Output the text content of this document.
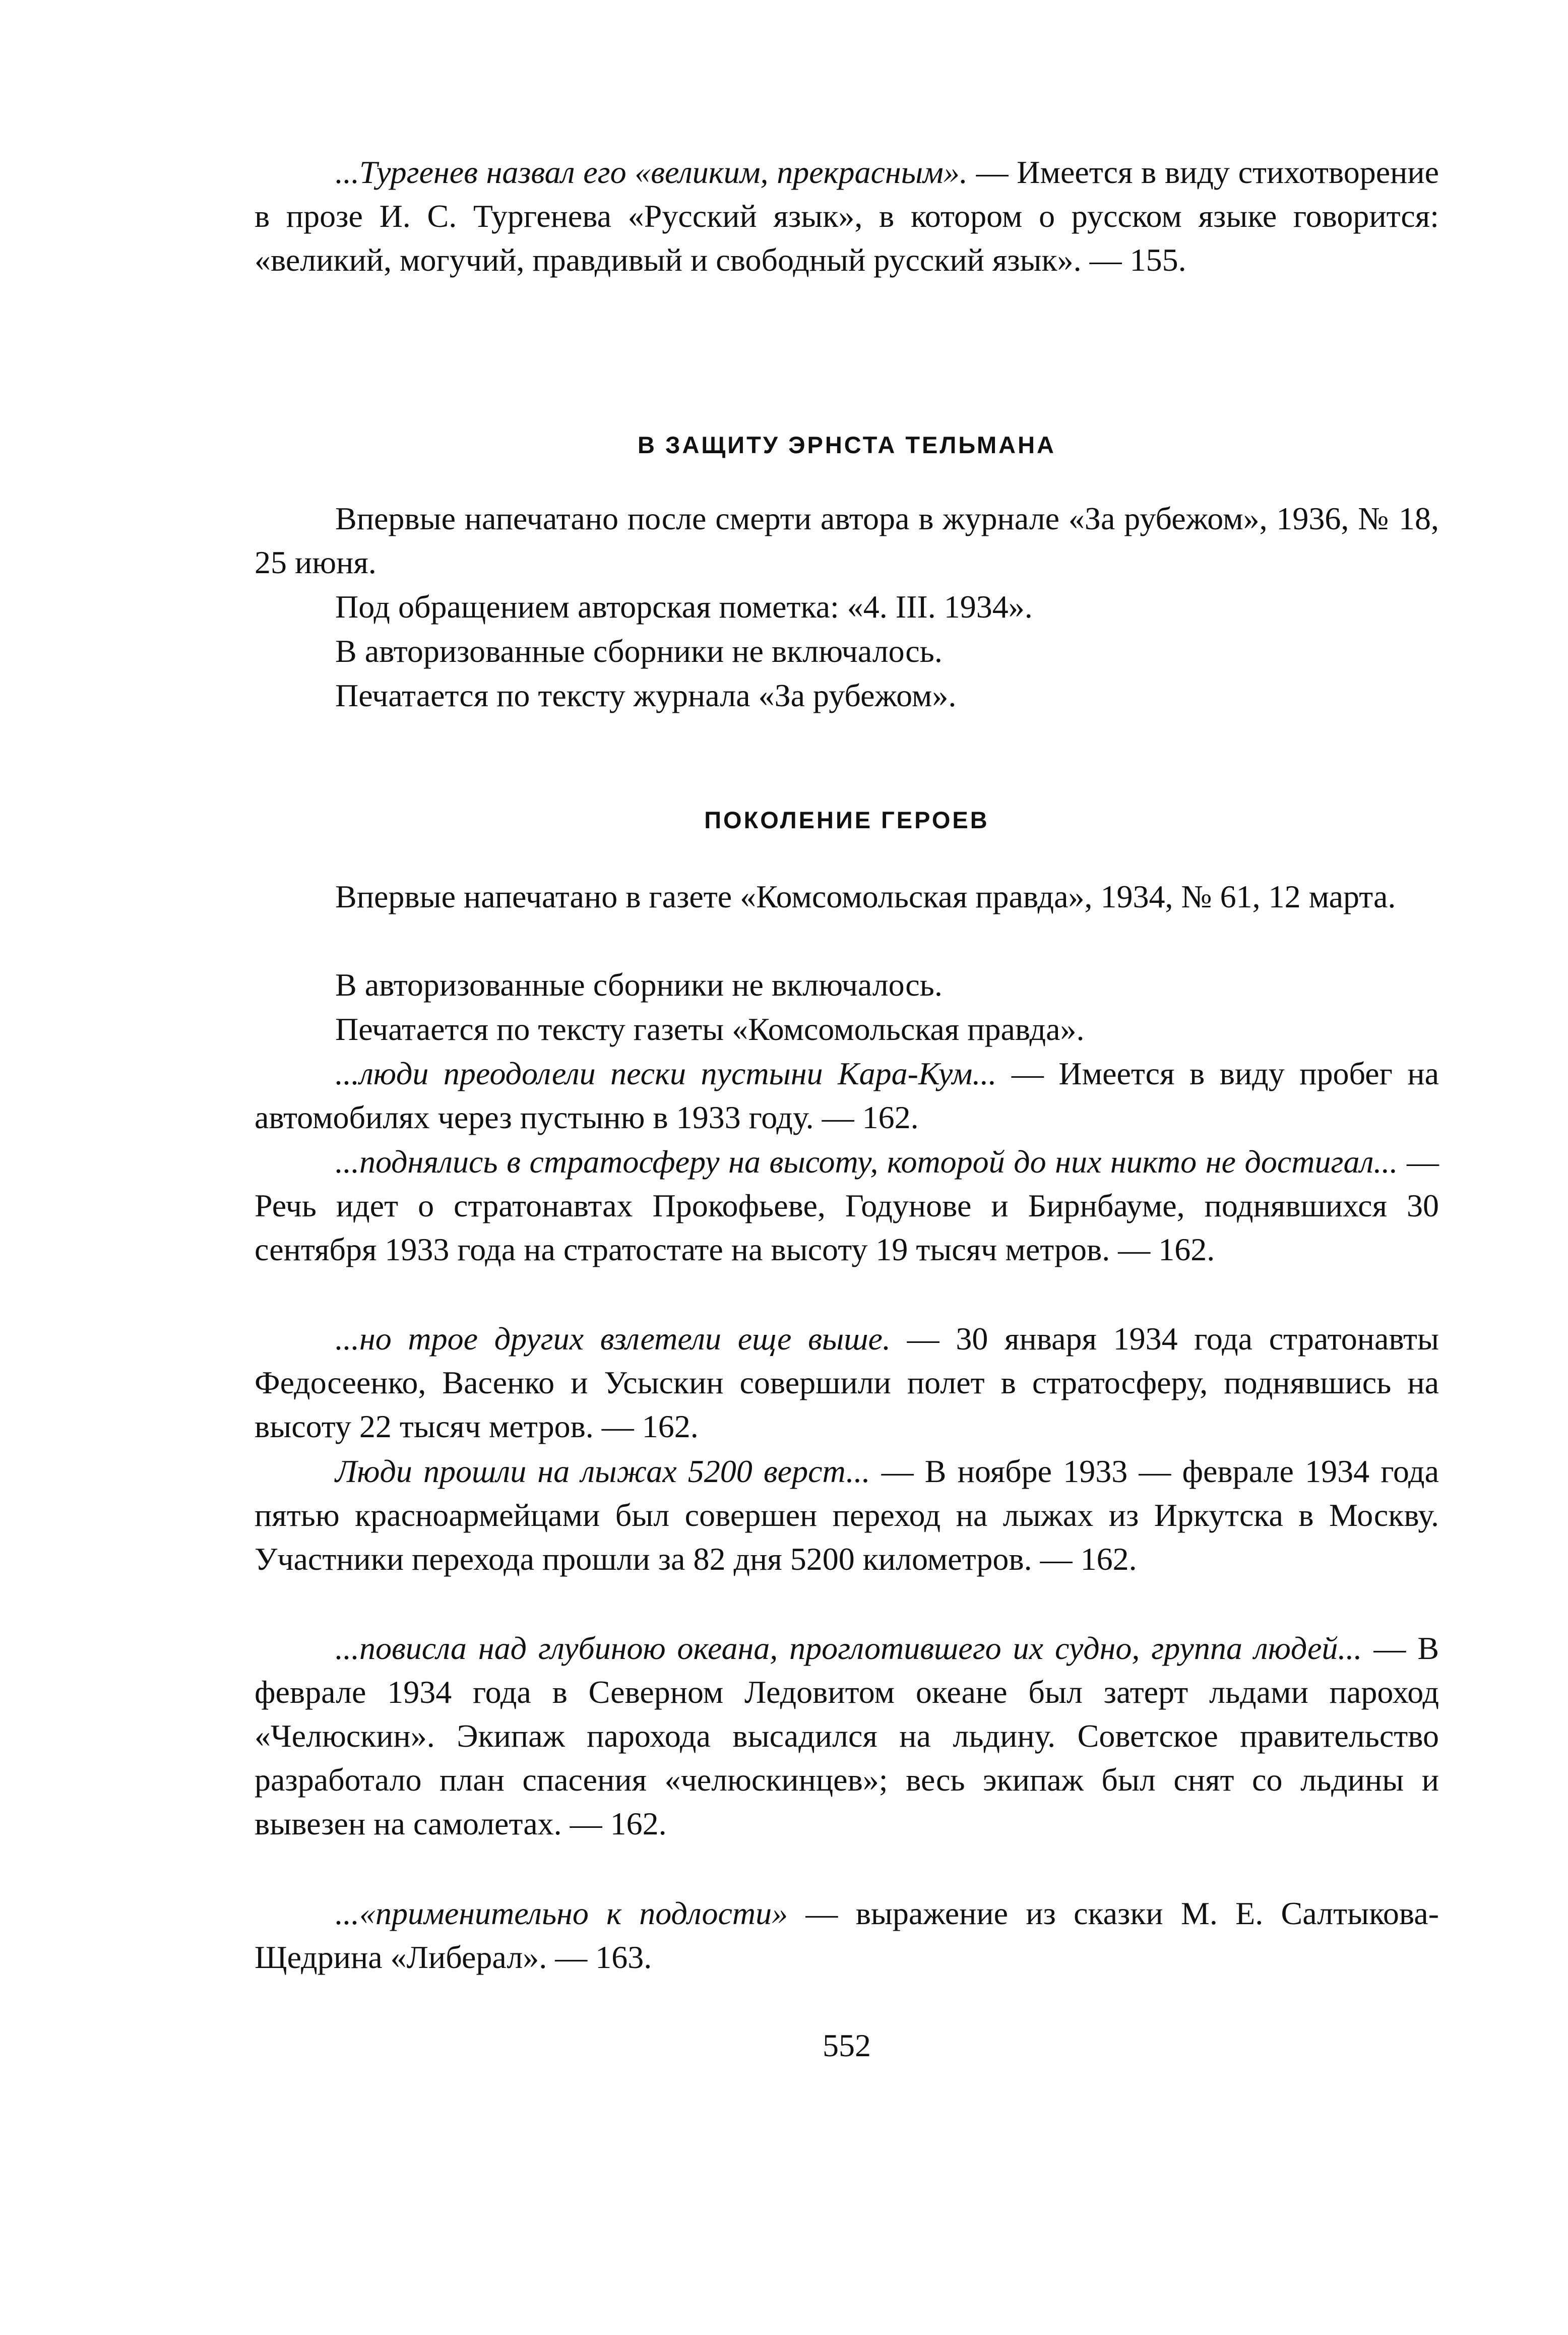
...Тургенев назвал его «великим, прекрасным». — Имеется в виду стихотворение в прозе И. С. Тургенева «Русский язык», в котором о русском языке говорится: «великий, могучий, правдивый и свободный русский язык». — 155.

В ЗАЩИТУ ЭРНСТА ТЕЛЬМАНА

Впервые напечатано после смерти автора в журнале «За рубежом», 1936, № 18, 25 июня.

Под обращением авторская пометка: «4. III. 1934».

В авторизованные сборники не включалось.

Печатается по тексту журнала «За рубежом».

ПОКОЛЕНИЕ ГЕРОЕВ

Впервые напечатано в газете «Комсомольская правда», 1934, № 61, 12 марта.

В авторизованные сборники не включалось.

Печатается по тексту газеты «Комсомольская правда».

...люди преодолели пески пустыни Кара-Кум... — Имеется в виду пробег на автомобилях через пустыню в 1933 году. — 162.

...поднялись в стратосферу на высоту, которой до них никто не достигал... — Речь идет о стратонавтах Прокофьеве, Годунове и Бирнбауме, поднявшихся 30 сентября 1933 года на стратостате на высоту 19 тысяч метров. — 162.

...но трое других взлетели еще выше. — 30 января 1934 года стратонавты Федосеенко, Васенко и Усыскин совершили полет в стратосферу, поднявшись на высоту 22 тысяч метров. — 162.

Люди прошли на лыжах 5200 верст... — В ноябре 1933 — феврале 1934 года пятью красноармейцами был совершен переход на лыжах из Иркутска в Москву. Участники перехода прошли за 82 дня 5200 километров. — 162.

...повисла над глубиною океана, проглотившего их судно, группа людей... — В феврале 1934 года в Северном Ледовитом океане был затерт льдами пароход «Челюскин». Экипаж парохода высадился на льдину. Советское правительство разработало план спасения «челюскинцев»; весь экипаж был снят со льдины и вывезен на самолетах. — 162.

...«применительно к подлости» — выражение из сказки М. Е. Салтыкова-Щедрина «Либерал». — 163.

552
